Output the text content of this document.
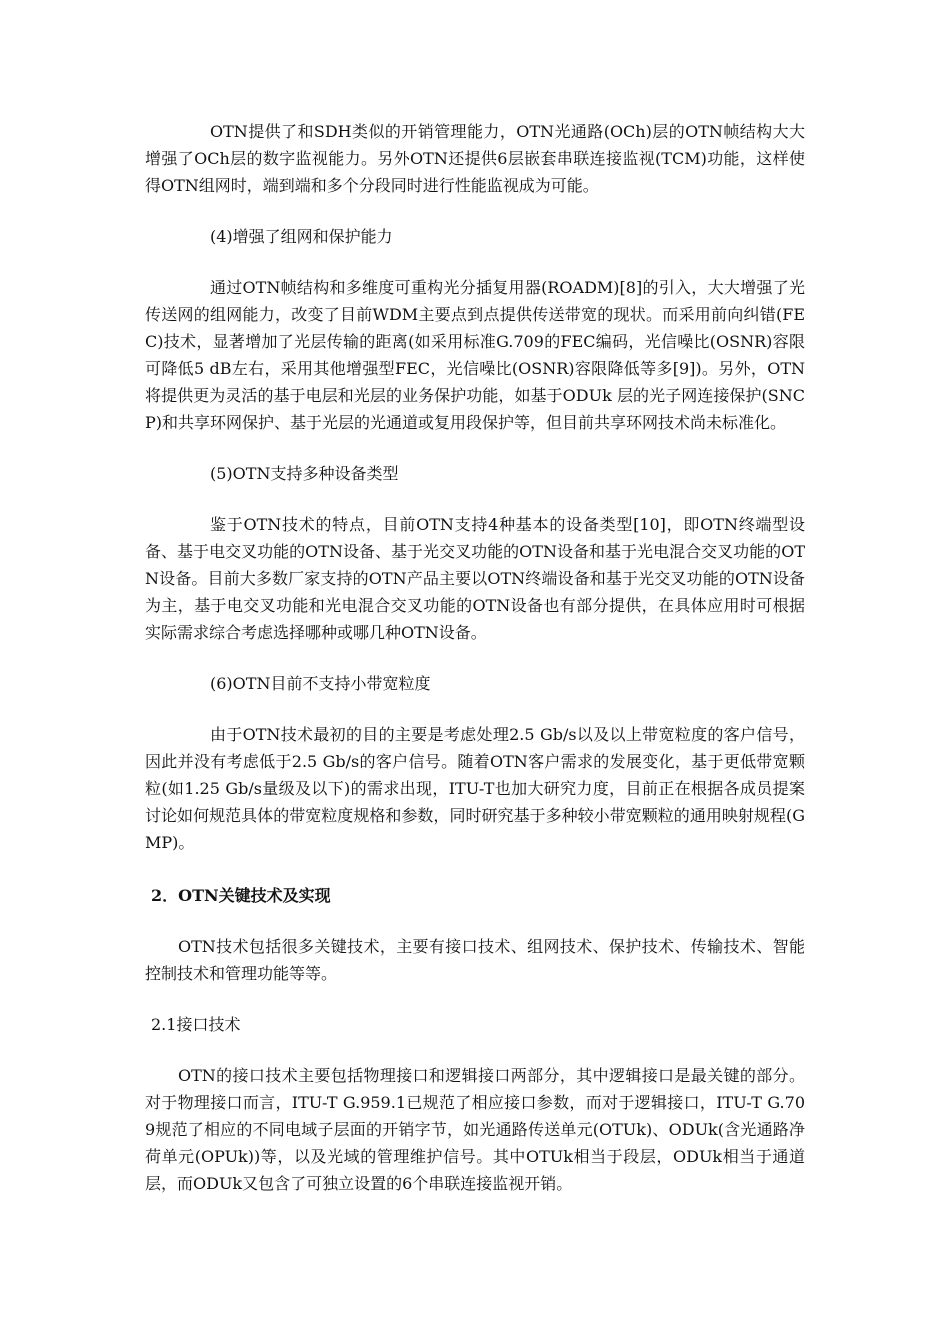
OTN提供了和SDH类似的开销管理能力，OTN光通路(OCh)层的OTN帧结构大大增强了OCh层的数字监视能力。另外OTN还提供6层嵌套串联连接监视(TCM)功能，这样使得OTN组网时，端到端和多个分段同时进行性能监视成为可能。

(4)增强了组网和保护能力

通过OTN帧结构和多维度可重构光分插复用器(ROADM)[8]的引入，大大增强了光传送网的组网能力，改变了目前WDM主要点到点提供传送带宽的现状。而采用前向纠错(FEC)技术，显著增加了光层传输的距离(如采用标准G.709的FEC编码，光信噪比(OSNR)容限可降低5 dB左右，采用其他增强型FEC，光信噪比(OSNR)容限降低等多[9])。另外，OTN将提供更为灵活的基于电层和光层的业务保护功能，如基于ODUk 层的光子网连接保护(SNCP)和共享环网保护、基于光层的光通道或复用段保护等，但目前共享环网技术尚未标准化。

(5)OTN支持多种设备类型

鉴于OTN技术的特点，目前OTN支持4种基本的设备类型[10]，即OTN终端型设备、基于电交叉功能的OTN设备、基于光交叉功能的OTN设备和基于光电混合交叉功能的OTN设备。目前大多数厂家支持的OTN产品主要以OTN终端设备和基于光交叉功能的OTN设备为主，基于电交叉功能和光电混合交叉功能的OTN设备也有部分提供，在具体应用时可根据实际需求综合考虑选择哪种或哪几种OTN设备。

(6)OTN目前不支持小带宽粒度

由于OTN技术最初的目的主要是考虑处理2.5 Gb/s以及以上带宽粒度的客户信号，因此并没有考虑低于2.5 Gb/s的客户信号。随着OTN客户需求的发展变化，基于更低带宽颗粒(如1.25 Gb/s量级及以下)的需求出现，ITU-T也加大研究力度，目前正在根据各成员提案讨论如何规范具体的带宽粒度规格和参数，同时研究基于多种较小带宽颗粒的通用映射规程(GMP)。

2．OTN关键技术及实现

OTN技术包括很多关键技术，主要有接口技术、组网技术、保护技术、传输技术、智能控制技术和管理功能等等。

2.1接口技术

OTN的接口技术主要包括物理接口和逻辑接口两部分，其中逻辑接口是最关键的部分。对于物理接口而言，ITU-T G.959.1已规范了相应接口参数，而对于逻辑接口，ITU-T G.709规范了相应的不同电域子层面的开销字节，如光通路传送单元(OTUk)、ODUk(含光通路净荷单元(OPUk))等，以及光域的管理维护信号。其中OTUk相当于段层，ODUk相当于通道层，而ODUk又包含了可独立设置的6个串联连接监视开销。
